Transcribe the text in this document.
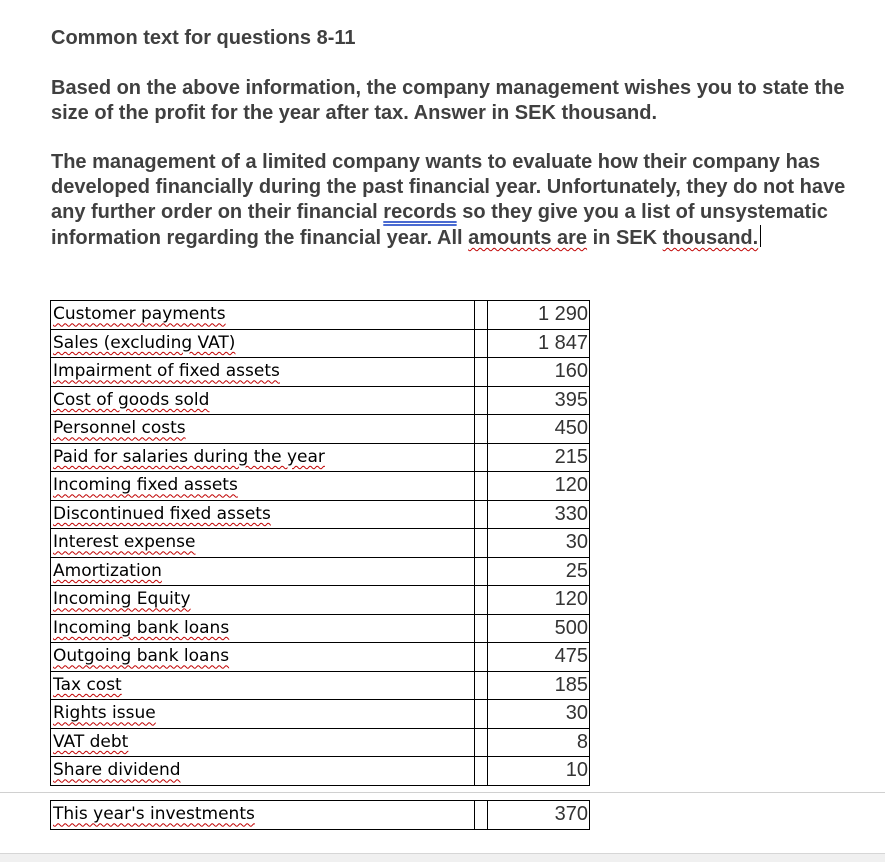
Common text for questions 8-11

Based on the above information, the company management wishes you to state the size of the profit for the year after tax. Answer in SEK thousand.

The management of a limited company wants to evaluate how their company has developed financially during the past financial year. Unfortunately, they do not have any further order on their financial records so they give you a list of unsystematic information regarding the financial year. All amounts are in SEK thousand.

Customer payments		1 290
Sales (excluding VAT)		1 847
Impairment of fixed assets		160
Cost of goods sold		395
Personnel costs		450
Paid for salaries during the year		215
Incoming fixed assets		120
Discontinued fixed assets		330
Interest expense		30
Amortization		25
Incoming Equity		120
Incoming bank loans		500
Outgoing bank loans		475
Tax cost		185
Rights issue		30
VAT debt		8
Share dividend		10
This year's investments		370
